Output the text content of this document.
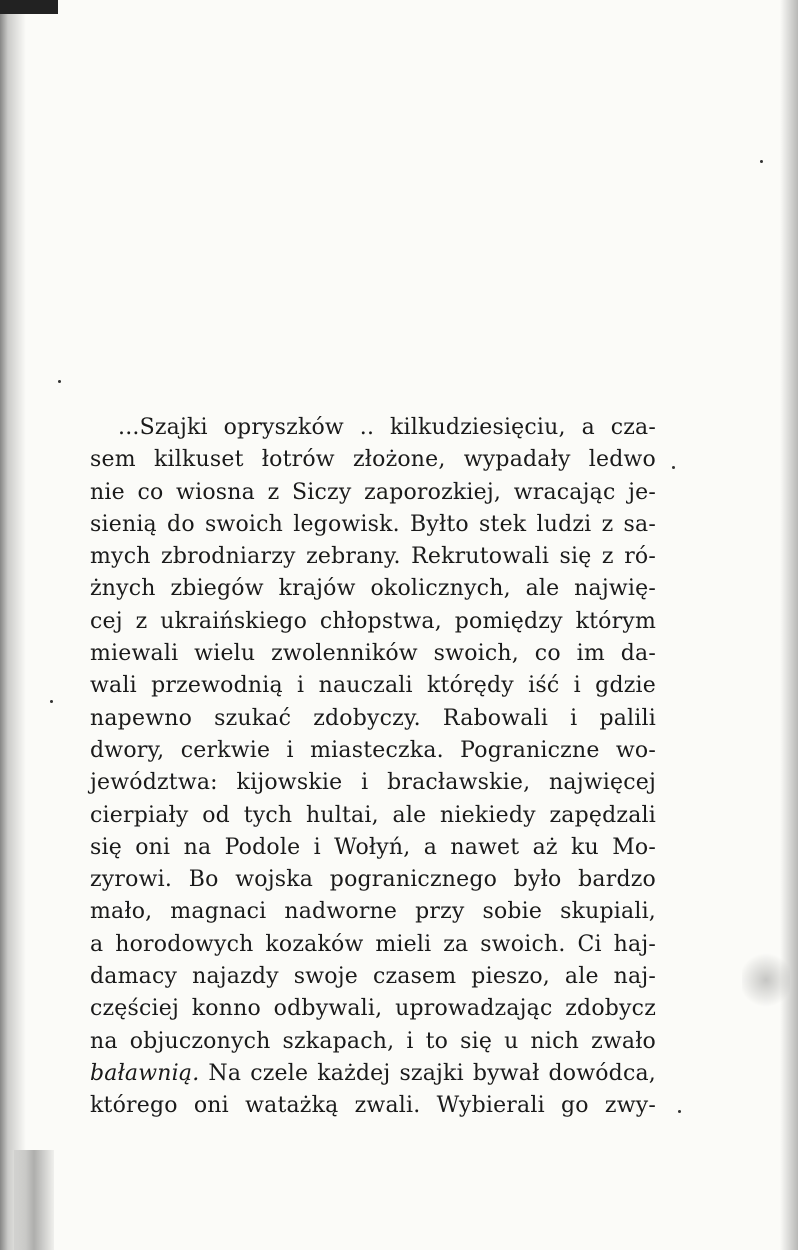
...Szajki opryszków .. kilkudziesięciu, a cza-
sem kilkuset łotrów złożone, wypadały ledwo
nie co wiosna z Siczy zaporozkiej, wracając je-
sienią do swoich legowisk. Byłto stek ludzi z sa-
mych zbrodniarzy zebrany. Rekrutowali się z ró-
żnych zbiegów krajów okolicznych, ale najwię-
cej z ukraińskiego chłopstwa, pomiędzy którym
miewali wielu zwolenników swoich, co im da-
wali przewodnią i nauczali którędy iść i gdzie
napewno szukać zdobyczy. Rabowali i palili
dwory, cerkwie i miasteczka. Pograniczne wo-
jewództwa: kijowskie i bracławskie, najwięcej
cierpiały od tych hultai, ale niekiedy zapędzali
się oni na Podole i Wołyń, a nawet aż ku Mo-
zyrowi. Bo wojska pogranicznego było bardzo
mało, magnaci nadworne przy sobie skupiali,
a horodowych kozaków mieli za swoich. Ci haj-
damacy najazdy swoje czasem pieszo, ale naj-
częściej konno odbywali, uprowadzając zdobycz
na objuczonych szkapach, i to się u nich zwało
baławnią. Na czele każdej szajki bywał dowódca,
którego oni watażką zwali. Wybierali go zwy-
